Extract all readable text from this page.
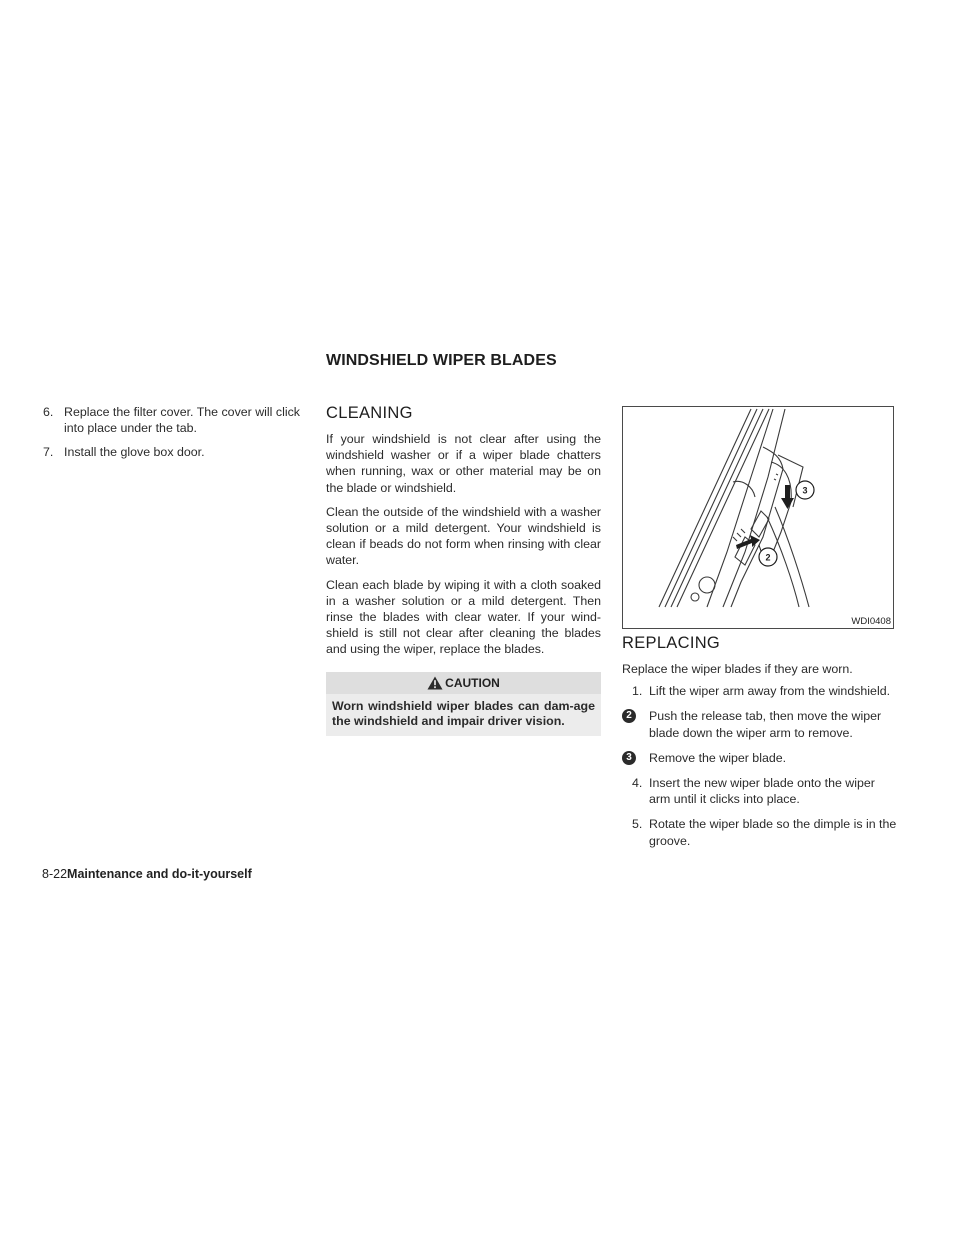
WINDSHIELD WIPER BLADES
6. Replace the filter cover. The cover will click into place under the tab.
7. Install the glove box door.
CLEANING

If your windshield is not clear after using the windshield washer or if a wiper blade chatters when running, wax or other material may be on the blade or windshield.

Clean the outside of the windshield with a washer solution or a mild detergent. Your windshield is clean if beads do not form when rinsing with clear water.

Clean each blade by wiping it with a cloth soaked in a washer solution or a mild detergent. Then rinse the blades with clear water. If your wind-shield is still not clear after cleaning the blades and using the wiper, replace the blades.

CAUTION
Worn windshield wiper blades can dam-age the windshield and impair driver vision.
2
3
WDI0408
REPLACING

Replace the wiper blades if they are worn.

1. Lift the wiper arm away from the windshield.
2	Push the release tab, then move the wiper blade down the wiper arm to remove.
3	Remove the wiper blade.
4. Insert the new wiper blade onto the wiper arm until it clicks into place.
5. Rotate the wiper blade so the dimple is in the groove.
8-22Maintenance and do-it-yourself
